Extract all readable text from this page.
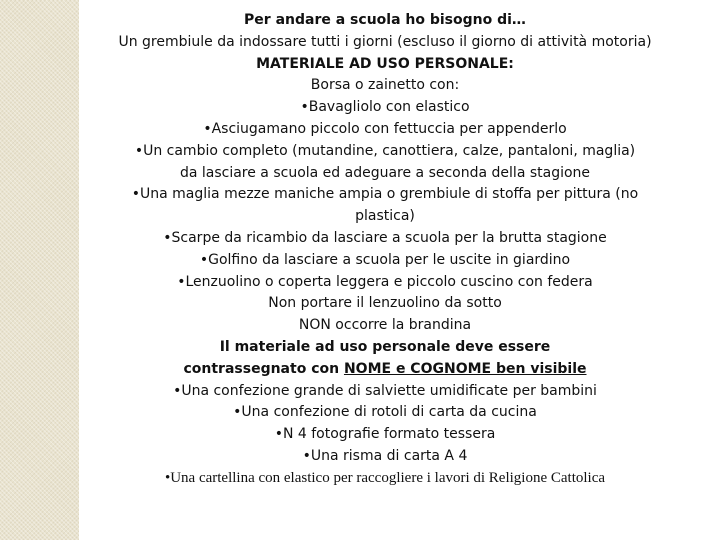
Per andare a scuola ho bisogno di…
Un grembiule da indossare tutti i giorni (escluso il giorno di attività motoria)
MATERIALE AD USO PERSONALE:
Borsa o zainetto con:
•Bavagliolo con elastico
•Asciugamano piccolo con fettuccia per appenderlo
•Un cambio completo (mutandine, canottiera, calze, pantaloni, maglia)
da lasciare a scuola ed adeguare a seconda della stagione
•Una maglia mezze maniche ampia o grembiule di stoffa per pittura (no plastica)
•Scarpe da ricambio da lasciare a scuola per la brutta stagione
•Golfino da lasciare a scuola per le uscite in giardino
•Lenzuolino o coperta leggera e piccolo cuscino con federa
Non portare il lenzuolino da sotto
NON occorre la brandina
Il materiale ad uso personale deve essere
contrassegnato con NOME e COGNOME ben visibile
•Una confezione grande di salviette umidificate per bambini
•Una confezione di rotoli di carta da cucina
•N 4 fotografie formato tessera
•Una risma di carta A 4
•Una cartellina con elastico per raccogliere i lavori di Religione Cattolica
